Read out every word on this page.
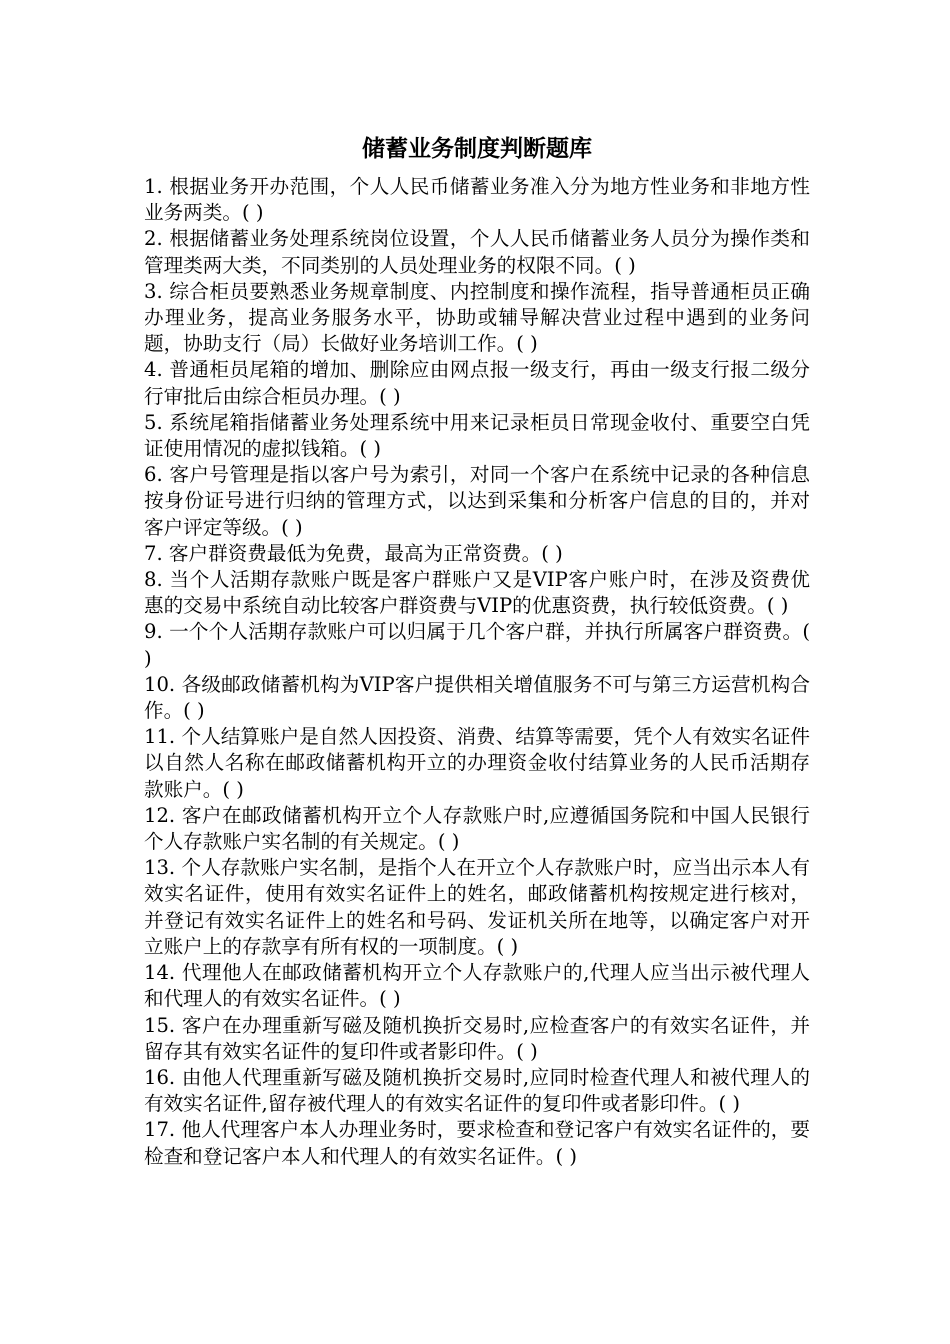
储蓄业务制度判断题库

1. 根据业务开办范围，个人人民币储蓄业务准入分为地方性业务和非地方性业务两类。( )

2. 根据储蓄业务处理系统岗位设置，个人人民币储蓄业务人员分为操作类和管理类两大类，不同类别的人员处理业务的权限不同。( )

3. 综合柜员要熟悉业务规章制度、内控制度和操作流程，指导普通柜员正确办理业务，提高业务服务水平，协助或辅导解决营业过程中遇到的业务问题，协助支行（局）长做好业务培训工作。( )

4. 普通柜员尾箱的增加、删除应由网点报一级支行，再由一级支行报二级分行审批后由综合柜员办理。( )

5. 系统尾箱指储蓄业务处理系统中用来记录柜员日常现金收付、重要空白凭证使用情况的虚拟钱箱。( )

6. 客户号管理是指以客户号为索引，对同一个客户在系统中记录的各种信息按身份证号进行归纳的管理方式，以达到采集和分析客户信息的目的，并对客户评定等级。( )

7. 客户群资费最低为免费，最高为正常资费。( )

8. 当个人活期存款账户既是客户群账户又是VIP客户账户时，在涉及资费优惠的交易中系统自动比较客户群资费与VIP的优惠资费，执行较低资费。( )

9. 一个个人活期存款账户可以归属于几个客户群，并执行所属客户群资费。( )

10. 各级邮政储蓄机构为VIP客户提供相关增值服务不可与第三方运营机构合作。( )

11. 个人结算账户是自然人因投资、消费、结算等需要，凭个人有效实名证件以自然人名称在邮政储蓄机构开立的办理资金收付结算业务的人民币活期存款账户。( )

12. 客户在邮政储蓄机构开立个人存款账户时,应遵循国务院和中国人民银行个人存款账户实名制的有关规定。( )

13. 个人存款账户实名制，是指个人在开立个人存款账户时，应当出示本人有效实名证件，使用有效实名证件上的姓名，邮政储蓄机构按规定进行核对，并登记有效实名证件上的姓名和号码、发证机关所在地等，以确定客户对开立账户上的存款享有所有权的一项制度。( )

14. 代理他人在邮政储蓄机构开立个人存款账户的,代理人应当出示被代理人和代理人的有效实名证件。( )

15. 客户在办理重新写磁及随机换折交易时,应检查客户的有效实名证件，并留存其有效实名证件的复印件或者影印件。( )

16. 由他人代理重新写磁及随机换折交易时,应同时检查代理人和被代理人的有效实名证件,留存被代理人的有效实名证件的复印件或者影印件。( )

17. 他人代理客户本人办理业务时，要求检查和登记客户有效实名证件的，要检查和登记客户本人和代理人的有效实名证件。( )
